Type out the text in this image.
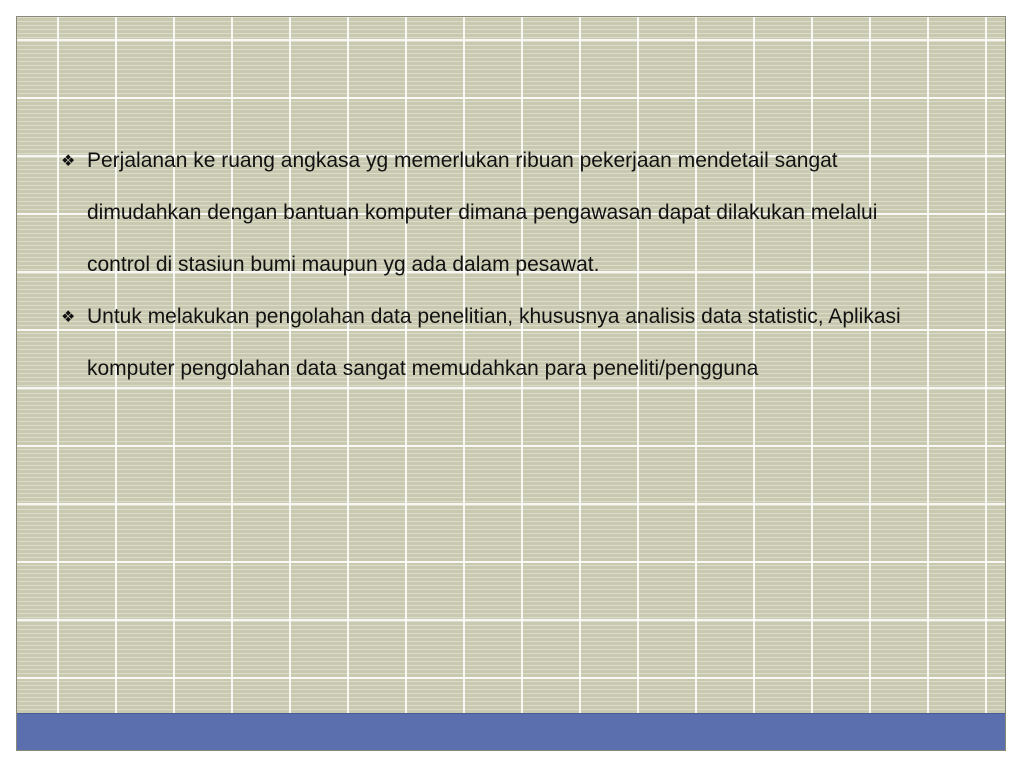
❖ Perjalanan ke ruang angkasa yg memerlukan ribuan pekerjaan mendetail sangat dimudahkan dengan bantuan komputer dimana pengawasan dapat dilakukan melalui control di stasiun bumi maupun yg ada dalam pesawat.
❖ Untuk melakukan pengolahan data penelitian, khususnya analisis data statistic, Aplikasi komputer pengolahan data sangat memudahkan para peneliti/pengguna
